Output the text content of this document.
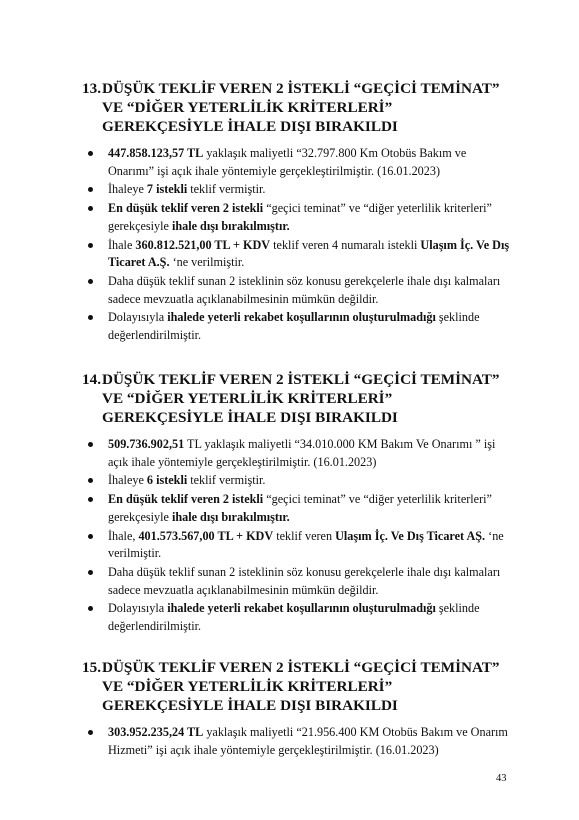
13. DÜŞÜK TEKLİF VEREN 2 İSTEKLİ “GEÇİCİ TEMİNAT” VE “DİĞER YETERLİLİK KRİTERLERİ” GEREKÇESİYLE İHALE DIŞI BIRAKILDI
447.858.123,57 TL yaklaşık maliyetli “32.797.800 Km Otobüs Bakım ve Onarımı” işi açık ihale yöntemiyle gerçekleştirilmiştir. (16.01.2023)
İhaleye 7 istekli teklif vermiştir.
En düşük teklif veren 2 istekli “geçici teminat” ve “diğer yeterlilik kriterleri” gerekçesiyle ihale dışı bırakılmıştır.
İhale 360.812.521,00 TL + KDV teklif veren 4 numaralı istekli Ulaşım İç. Ve Dış Ticaret A.Ş. ‘ne verilmiştir.
Daha düşük teklif sunan 2 isteklinin söz konusu gerekçelerle ihale dışı kalmaları sadece mevzuatla açıklanabilmesinin mümkün değildir.
Dolayısıyla ihalede yeterli rekabet koşullarının oluşturulmadığı şeklinde değerlendirilmiştir.
14. DÜŞÜK TEKLİF VEREN 2 İSTEKLİ “GEÇİCİ TEMİNAT” VE “DİĞER YETERLİLİK KRİTERLERİ” GEREKÇESİYLE İHALE DIŞI BIRAKILDI
509.736.902,51 TL yaklaşık maliyetli “34.010.000 KM Bakım Ve Onarımı ” işi açık ihale yöntemiyle gerçekleştirilmiştir. (16.01.2023)
İhaleye 6 istekli teklif vermiştir.
En düşük teklif veren 2 istekli “geçici teminat” ve “diğer yeterlilik kriterleri” gerekçesiyle ihale dışı bırakılmıştır.
İhale, 401.573.567,00 TL + KDV teklif veren Ulaşım İç. Ve Dış Ticaret AŞ. ‘ne verilmiştir.
Daha düşük teklif sunan 2 isteklinin söz konusu gerekçelerle ihale dışı kalmaları sadece mevzuatla açıklanabilmesinin mümkün değildir.
Dolayısıyla ihalede yeterli rekabet koşullarının oluşturulmadığı şeklinde değerlendirilmiştir.
15. DÜŞÜK TEKLİF VEREN 2 İSTEKLİ “GEÇİCİ TEMİNAT” VE “DİĞER YETERLİLİK KRİTERLERİ” GEREKÇESİYLE İHALE DIŞI BIRAKILDI
303.952.235,24 TL yaklaşık maliyetli “21.956.400 KM Otobüs Bakım ve Onarım Hizmeti” işi açık ihale yöntemiyle gerçekleştirilmiştir. (16.01.2023)
43
